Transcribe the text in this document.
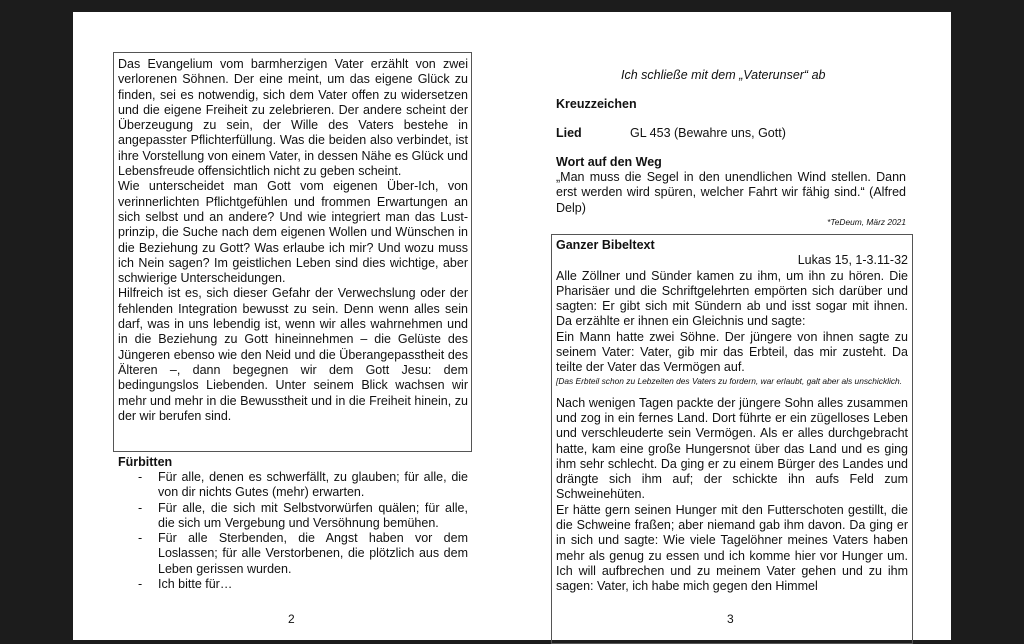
Das Evangelium vom barmherzigen Vater erzählt von zwei verlorenen Söhnen. Der eine meint, um das eigene Glück zu finden, sei es notwendig, sich dem Vater offen zu widersetzen und die eigene Freiheit zu zelebrieren. Der andere scheint der Überzeugung zu sein, der Wille des Vaters bestehe in angepasster Pflichterfüllung. Was die beiden also verbindet, ist ihre Vorstellung von einem Vater, in dessen Nähe es Glück und Lebensfreude offensichtlich nicht zu geben scheint.
Wie unterscheidet man Gott vom eigenen Über-Ich, von verinnerlichten Pflichtgefühlen und frommen Erwartungen an sich selbst und an andere? Und wie integriert man das Lust-prinzip, die Suche nach dem eigenen Wollen und Wünschen in die Beziehung zu Gott? Was erlaube ich mir? Und wozu muss ich Nein sagen? Im geistlichen Leben sind dies wichtige, aber schwierige Unterscheidungen.
Hilfreich ist es, sich dieser Gefahr der Verwechslung oder der fehlenden Integration bewusst zu sein. Denn wenn alles sein darf, was in uns lebendig ist, wenn wir alles wahrnehmen und in die Beziehung zu Gott hineinnehmen – die Gelüste des Jüngeren ebenso wie den Neid und die Überangepasstheit des Älteren –, dann begegnen wir dem Gott Jesu: dem bedingungslos Liebenden. Unter seinem Blick wachsen wir mehr und mehr in die Bewusstheit und in die Freiheit hinein, zu der wir berufen sind.
Fürbitten
- Für alle, denen es schwerfällt, zu glauben; für alle, die von dir nichts Gutes (mehr) erwarten.
- Für alle, die sich mit Selbstvorwürfen quälen; für alle, die sich um Vergebung und Versöhnung bemühen.
- Für alle Sterbenden, die Angst haben vor dem Loslassen; für alle Verstorbenen, die plötzlich aus dem Leben gerissen wurden.
- Ich bitte für…
2
Ich schließe mit dem „Vaterunser“ ab
Kreuzzeichen
Lied	GL 453 (Bewahre uns, Gott)
Wort auf den Weg
„Man muss die Segel in den unendlichen Wind stellen. Dann erst werden wird spüren, welcher Fahrt wir fähig sind.“ (Alfred Delp)
*TeDeum, März 2021
Ganzer Bibeltext
Lukas 15, 1-3.11-32
Alle Zöllner und Sünder kamen zu ihm, um ihn zu hören. Die Pharisäer und die Schriftgelehrten empörten sich darüber und sagten: Er gibt sich mit Sündern ab und isst sogar mit ihnen. Da erzählte er ihnen ein Gleichnis und sagte:
Ein Mann hatte zwei Söhne. Der jüngere von ihnen sagte zu seinem Vater: Vater, gib mir das Erbteil, das mir zusteht. Da teilte der Vater das Vermögen auf.
[Das Erbteil schon zu Lebzeiten des Vaters zu fordern, war erlaubt, galt aber als unschicklich.
Nach wenigen Tagen packte der jüngere Sohn alles zusammen und zog in ein fernes Land. Dort führte er ein zügelloses Leben und verschleuderte sein Vermögen. Als er alles durchgebracht hatte, kam eine große Hungersnot über das Land und es ging ihm sehr schlecht. Da ging er zu einem Bürger des Landes und drängte sich ihm auf; der schickte ihn aufs Feld zum Schweinehüten.
Er hätte gern seinen Hunger mit den Futterschoten gestillt, die die Schweine fraßen; aber niemand gab ihm davon. Da ging er in sich und sagte: Wie viele Tagelöhner meines Vaters haben mehr als genug zu essen und ich komme hier vor Hunger um. Ich will aufbrechen und zu meinem Vater gehen und zu ihm sagen: Vater, ich habe mich gegen den Himmel
3
